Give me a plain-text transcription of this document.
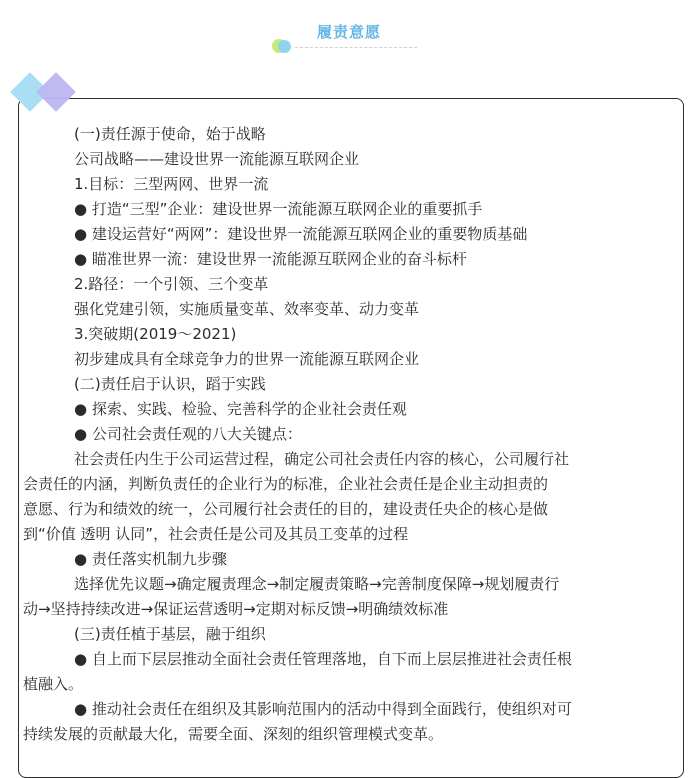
履责意愿
(一)责任源于使命，始于战略
公司战略——建设世界一流能源互联网企业
1.目标：三型两网、世界一流
● 打造“三型”企业：建设世界一流能源互联网企业的重要抓手
● 建设运营好“两网”：建设世界一流能源互联网企业的重要物质基础
● 瞄准世界一流：建设世界一流能源互联网企业的奋斗标杆
2.路径：一个引领、三个变革
强化党建引领，实施质量变革、效率变革、动力变革
3.突破期(2019～2021)
初步建成具有全球竞争力的世界一流能源互联网企业
(二)责任启于认识，蹈于实践
● 探索、实践、检验、完善科学的企业社会责任观
● 公司社会责任观的八大关键点：
社会责任内生于公司运营过程，确定公司社会责任内容的核心，公司履行社
会责任的内涵，判断负责任的企业行为的标准，企业社会责任是企业主动担责的
意愿、行为和绩效的统一，公司履行社会责任的目的，建设责任央企的核心是做
到“价值 透明 认同”，社会责任是公司及其员工变革的过程
● 责任落实机制九步骤
选择优先议题→确定履责理念→制定履责策略→完善制度保障→规划履责行
动→坚持持续改进→保证运营透明→定期对标反馈→明确绩效标准
(三)责任植于基层，融于组织
● 自上而下层层推动全面社会责任管理落地，自下而上层层推进社会责任根
植融入。
● 推动社会责任在组织及其影响范围内的活动中得到全面践行，使组织对可
持续发展的贡献最大化，需要全面、深刻的组织管理模式变革。
